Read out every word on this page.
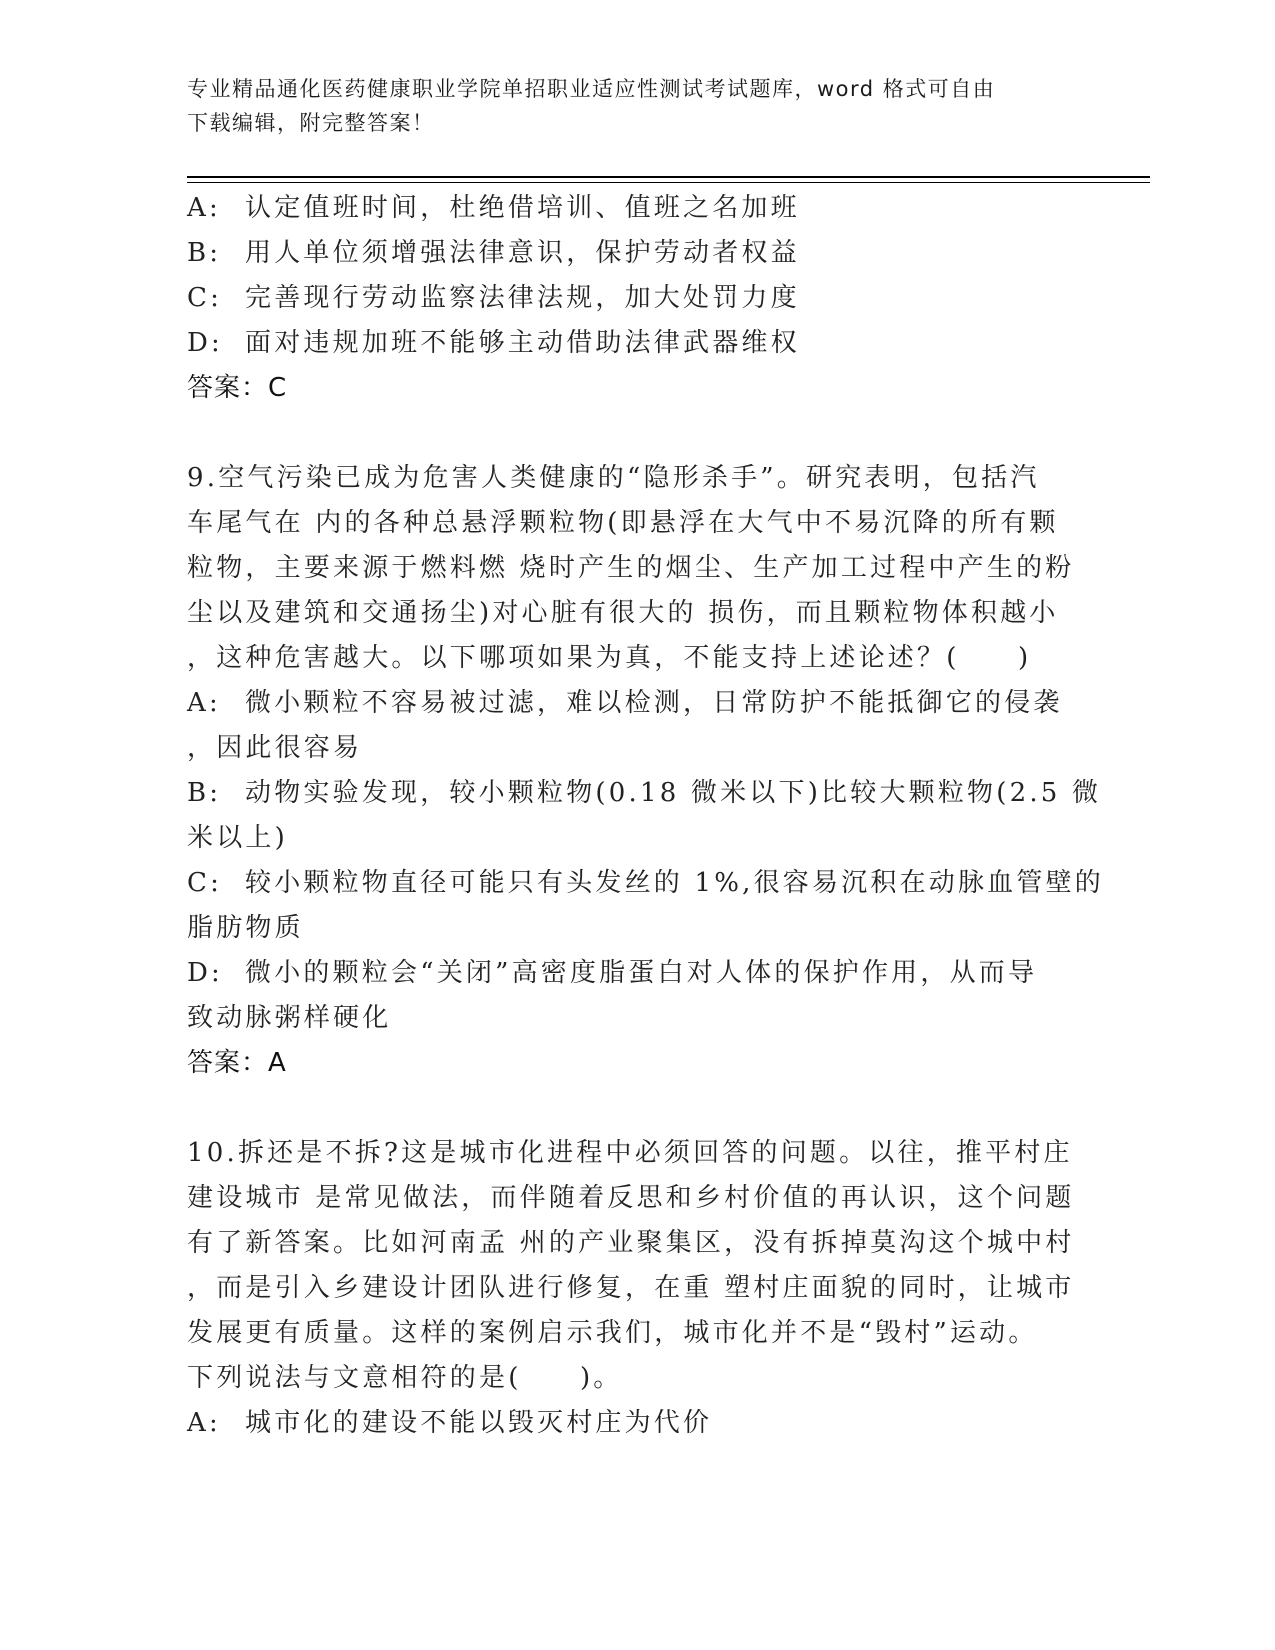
专业精品通化医药健康职业学院单招职业适应性测试考试题库，word 格式可自由
下载编辑，附完整答案！
A: 认定值班时间，杜绝借培训、值班之名加班
B: 用人单位须增强法律意识，保护劳动者权益
C: 完善现行劳动监察法律法规，加大处罚力度
D: 面对违规加班不能够主动借助法律武器维权
答案：C
9.空气污染已成为危害人类健康的“隐形杀手”。研究表明，包括汽
车尾气在 内的各种总悬浮颗粒物(即悬浮在大气中不易沉降的所有颗
粒物，主要来源于燃料燃 烧时产生的烟尘、生产加工过程中产生的粉
尘以及建筑和交通扬尘)对心脏有很大的 损伤，而且颗粒物体积越小
，这种危害越大。以下哪项如果为真，不能支持上述论述？(　　)
A: 微小颗粒不容易被过滤，难以检测，日常防护不能抵御它的侵袭
，因此很容易
B: 动物实验发现，较小颗粒物(0.18 微米以下)比较大颗粒物(2.5 微
米以上)
C: 较小颗粒物直径可能只有头发丝的 1%,很容易沉积在动脉血管壁的
脂肪物质
D: 微小的颗粒会“关闭”高密度脂蛋白对人体的保护作用，从而导
致动脉粥样硬化
答案：A
10.拆还是不拆?这是城市化进程中必须回答的问题。以往，推平村庄
建设城市 是常见做法，而伴随着反思和乡村价值的再认识，这个问题
有了新答案。比如河南孟 州的产业聚集区，没有拆掉莫沟这个城中村
，而是引入乡建设计团队进行修复，在重 塑村庄面貌的同时，让城市
发展更有质量。这样的案例启示我们，城市化并不是“毁村”运动。
下列说法与文意相符的是(　　)。
A: 城市化的建设不能以毁灭村庄为代价
